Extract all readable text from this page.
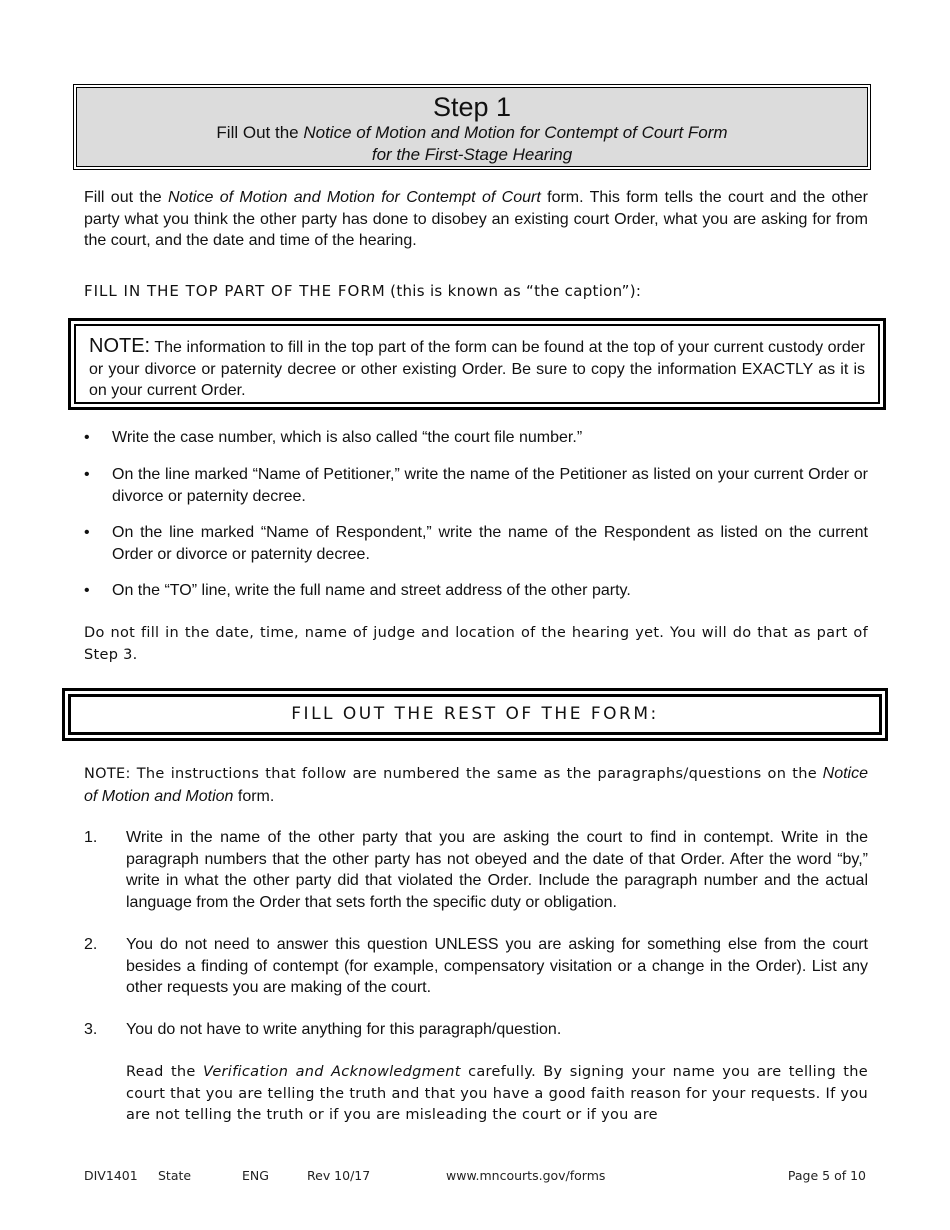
Step 1
Fill Out the Notice of Motion and Motion for Contempt of Court Form
for the First-Stage Hearing
Fill out the Notice of Motion and Motion for Contempt of Court form. This form tells the court and the other party what you think the other party has done to disobey an existing court Order, what you are asking for from the court, and the date and time of the hearing.
FILL IN THE TOP PART OF THE FORM (this is known as “the caption”):
NOTE: The information to fill in the top part of the form can be found at the top of your current custody order or your divorce or paternity decree or other existing Order. Be sure to copy the information EXACTLY as it is on your current Order.
• Write the case number, which is also called “the court file number.”
• On the line marked “Name of Petitioner,” write the name of the Petitioner as listed on your current Order or divorce or paternity decree.
• On the line marked “Name of Respondent,” write the name of the Respondent as listed on the current Order or divorce or paternity decree.
• On the “TO” line, write the full name and street address of the other party.
Do not fill in the date, time, name of judge and location of the hearing yet. You will do that as part of Step 3.
FILL OUT THE REST OF THE FORM:
NOTE: The instructions that follow are numbered the same as the paragraphs/questions on the Notice of Motion and Motion form.
1. Write in the name of the other party that you are asking the court to find in contempt. Write in the paragraph numbers that the other party has not obeyed and the date of that Order. After the word “by,” write in what the other party did that violated the Order. Include the paragraph number and the actual language from the Order that sets forth the specific duty or obligation.
2. You do not need to answer this question UNLESS you are asking for something else from the court besides a finding of contempt (for example, compensatory visitation or a change in the Order). List any other requests you are making of the court.
3. You do not have to write anything for this paragraph/question.
Read the Verification and Acknowledgment carefully. By signing your name you are telling the court that you are telling the truth and that you have a good faith reason for your requests. If you are not telling the truth or if you are misleading the court or if you are
DIV1401 State	ENG	Rev 10/17	www.mncourts.gov/forms	Page 5 of 10
